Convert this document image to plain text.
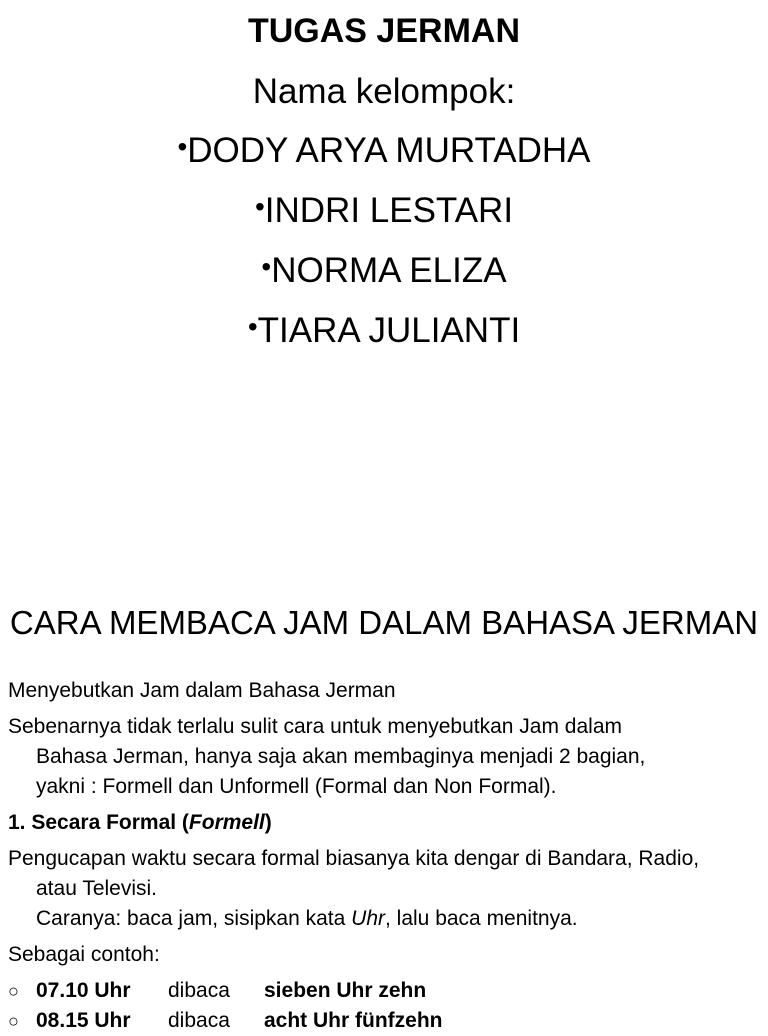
TUGAS JERMAN
Nama kelompok:
•DODY ARYA MURTADHA
•INDRI LESTARI
•NORMA ELIZA
•TIARA JULIANTI
CARA MEMBACA JAM DALAM BAHASA JERMAN
Menyebutkan Jam dalam Bahasa Jerman
Sebenarnya tidak terlalu sulit cara untuk menyebutkan Jam dalam
Bahasa Jerman, hanya saja akan membaginya menjadi 2 bagian,
yakni : Formell dan Unformell (Formal dan Non Formal).
1. Secara Formal (Formell)
Pengucapan waktu secara formal biasanya kita dengar di Bandara, Radio,
atau Televisi.
Caranya: baca jam, sisipkan kata Uhr, lalu baca menitnya.
Sebagai contoh:
○ 07.10 Uhr dibaca sieben Uhr zehn
○ 08.15 Uhr dibaca acht Uhr fünfzehn
